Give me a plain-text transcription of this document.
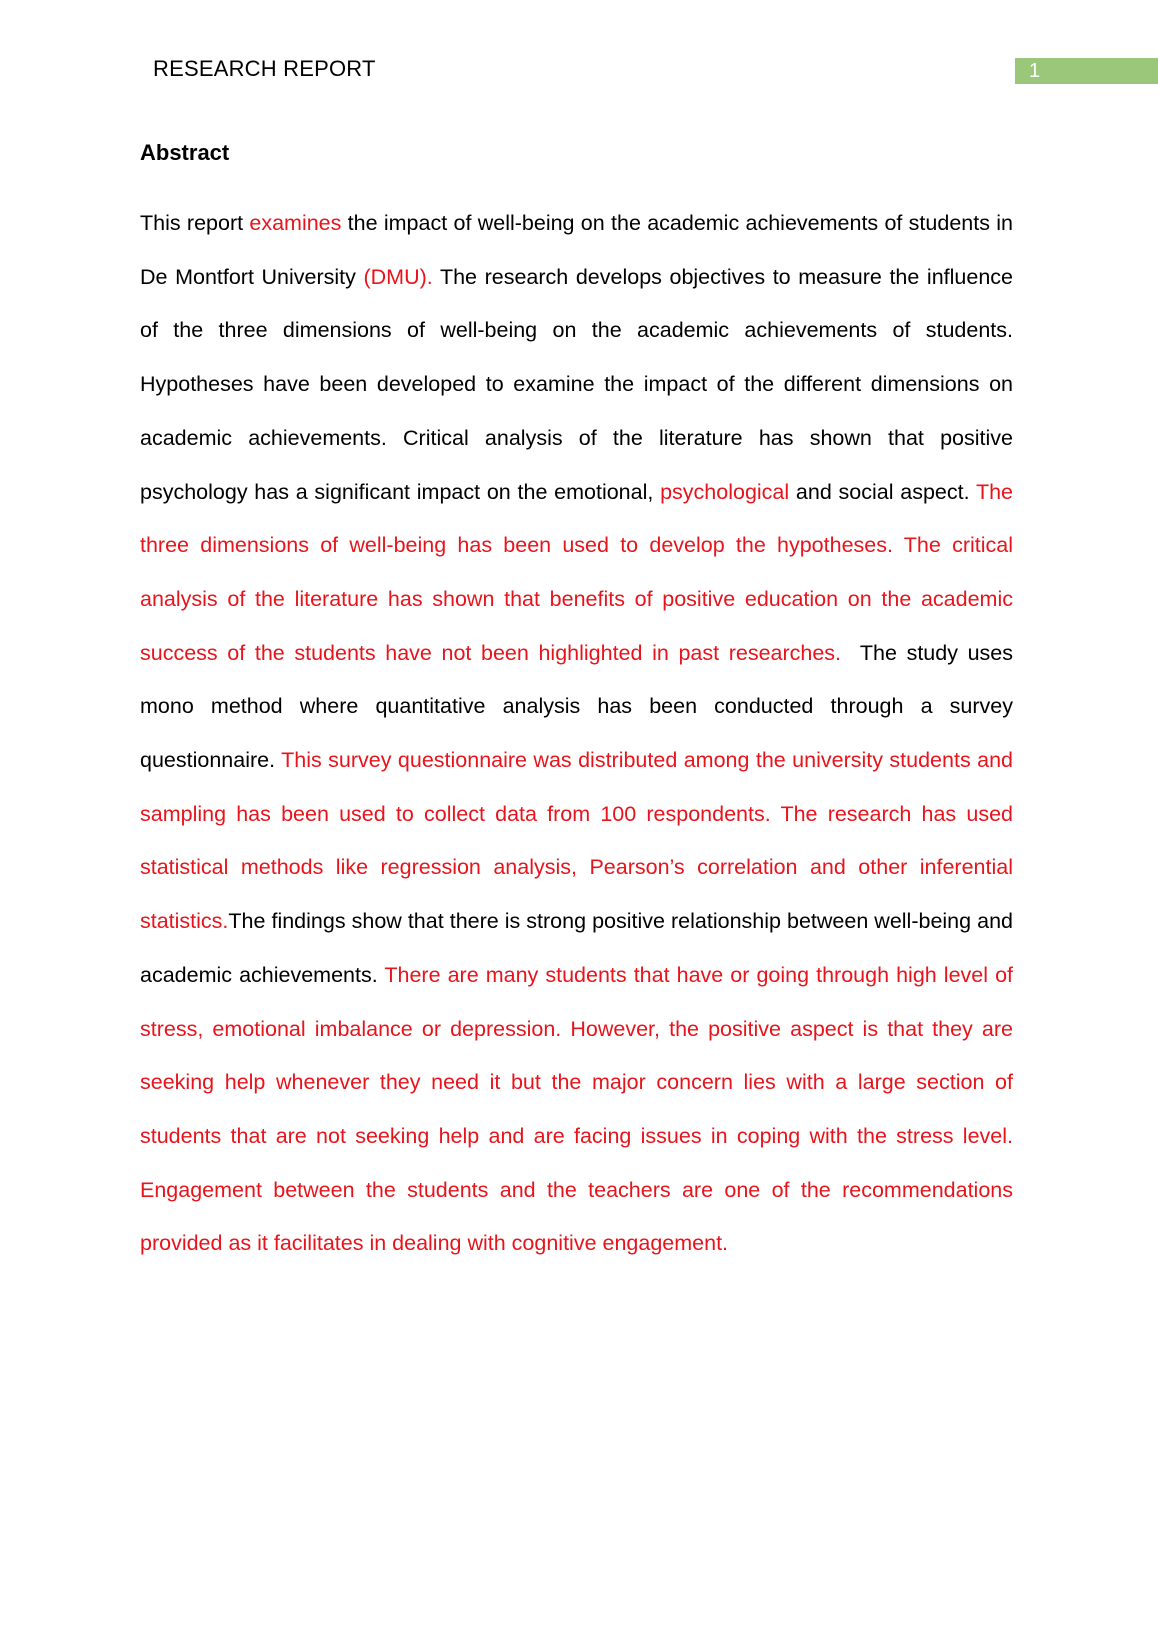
RESEARCH REPORT	1
Abstract

This report examines the impact of well-being on the academic achievements of students in De Montfort University (DMU). The research develops objectives to measure the influence of the three dimensions of well-being on the academic achievements of students. Hypotheses have been developed to examine the impact of the different dimensions on academic achievements. Critical analysis of the literature has shown that positive psychology has a significant impact on the emotional, psychological and social aspect. The three dimensions of well-being has been used to develop the hypotheses. The critical analysis of the literature has shown that benefits of positive education on the academic success of the students have not been highlighted in past researches.  The study uses mono method where quantitative analysis has been conducted through a survey questionnaire. This survey questionnaire was distributed among the university students and sampling has been used to collect data from 100 respondents. The research has used statistical methods like regression analysis, Pearson’s correlation and other inferential statistics.The findings show that there is strong positive relationship between well-being and academic achievements. There are many students that have or going through high level of stress, emotional imbalance or depression. However, the positive aspect is that they are seeking help whenever they need it but the major concern lies with a large section of students that are not seeking help and are facing issues in coping with the stress level. Engagement between the students and the teachers are one of the recommendations provided as it facilitates in dealing with cognitive engagement.
